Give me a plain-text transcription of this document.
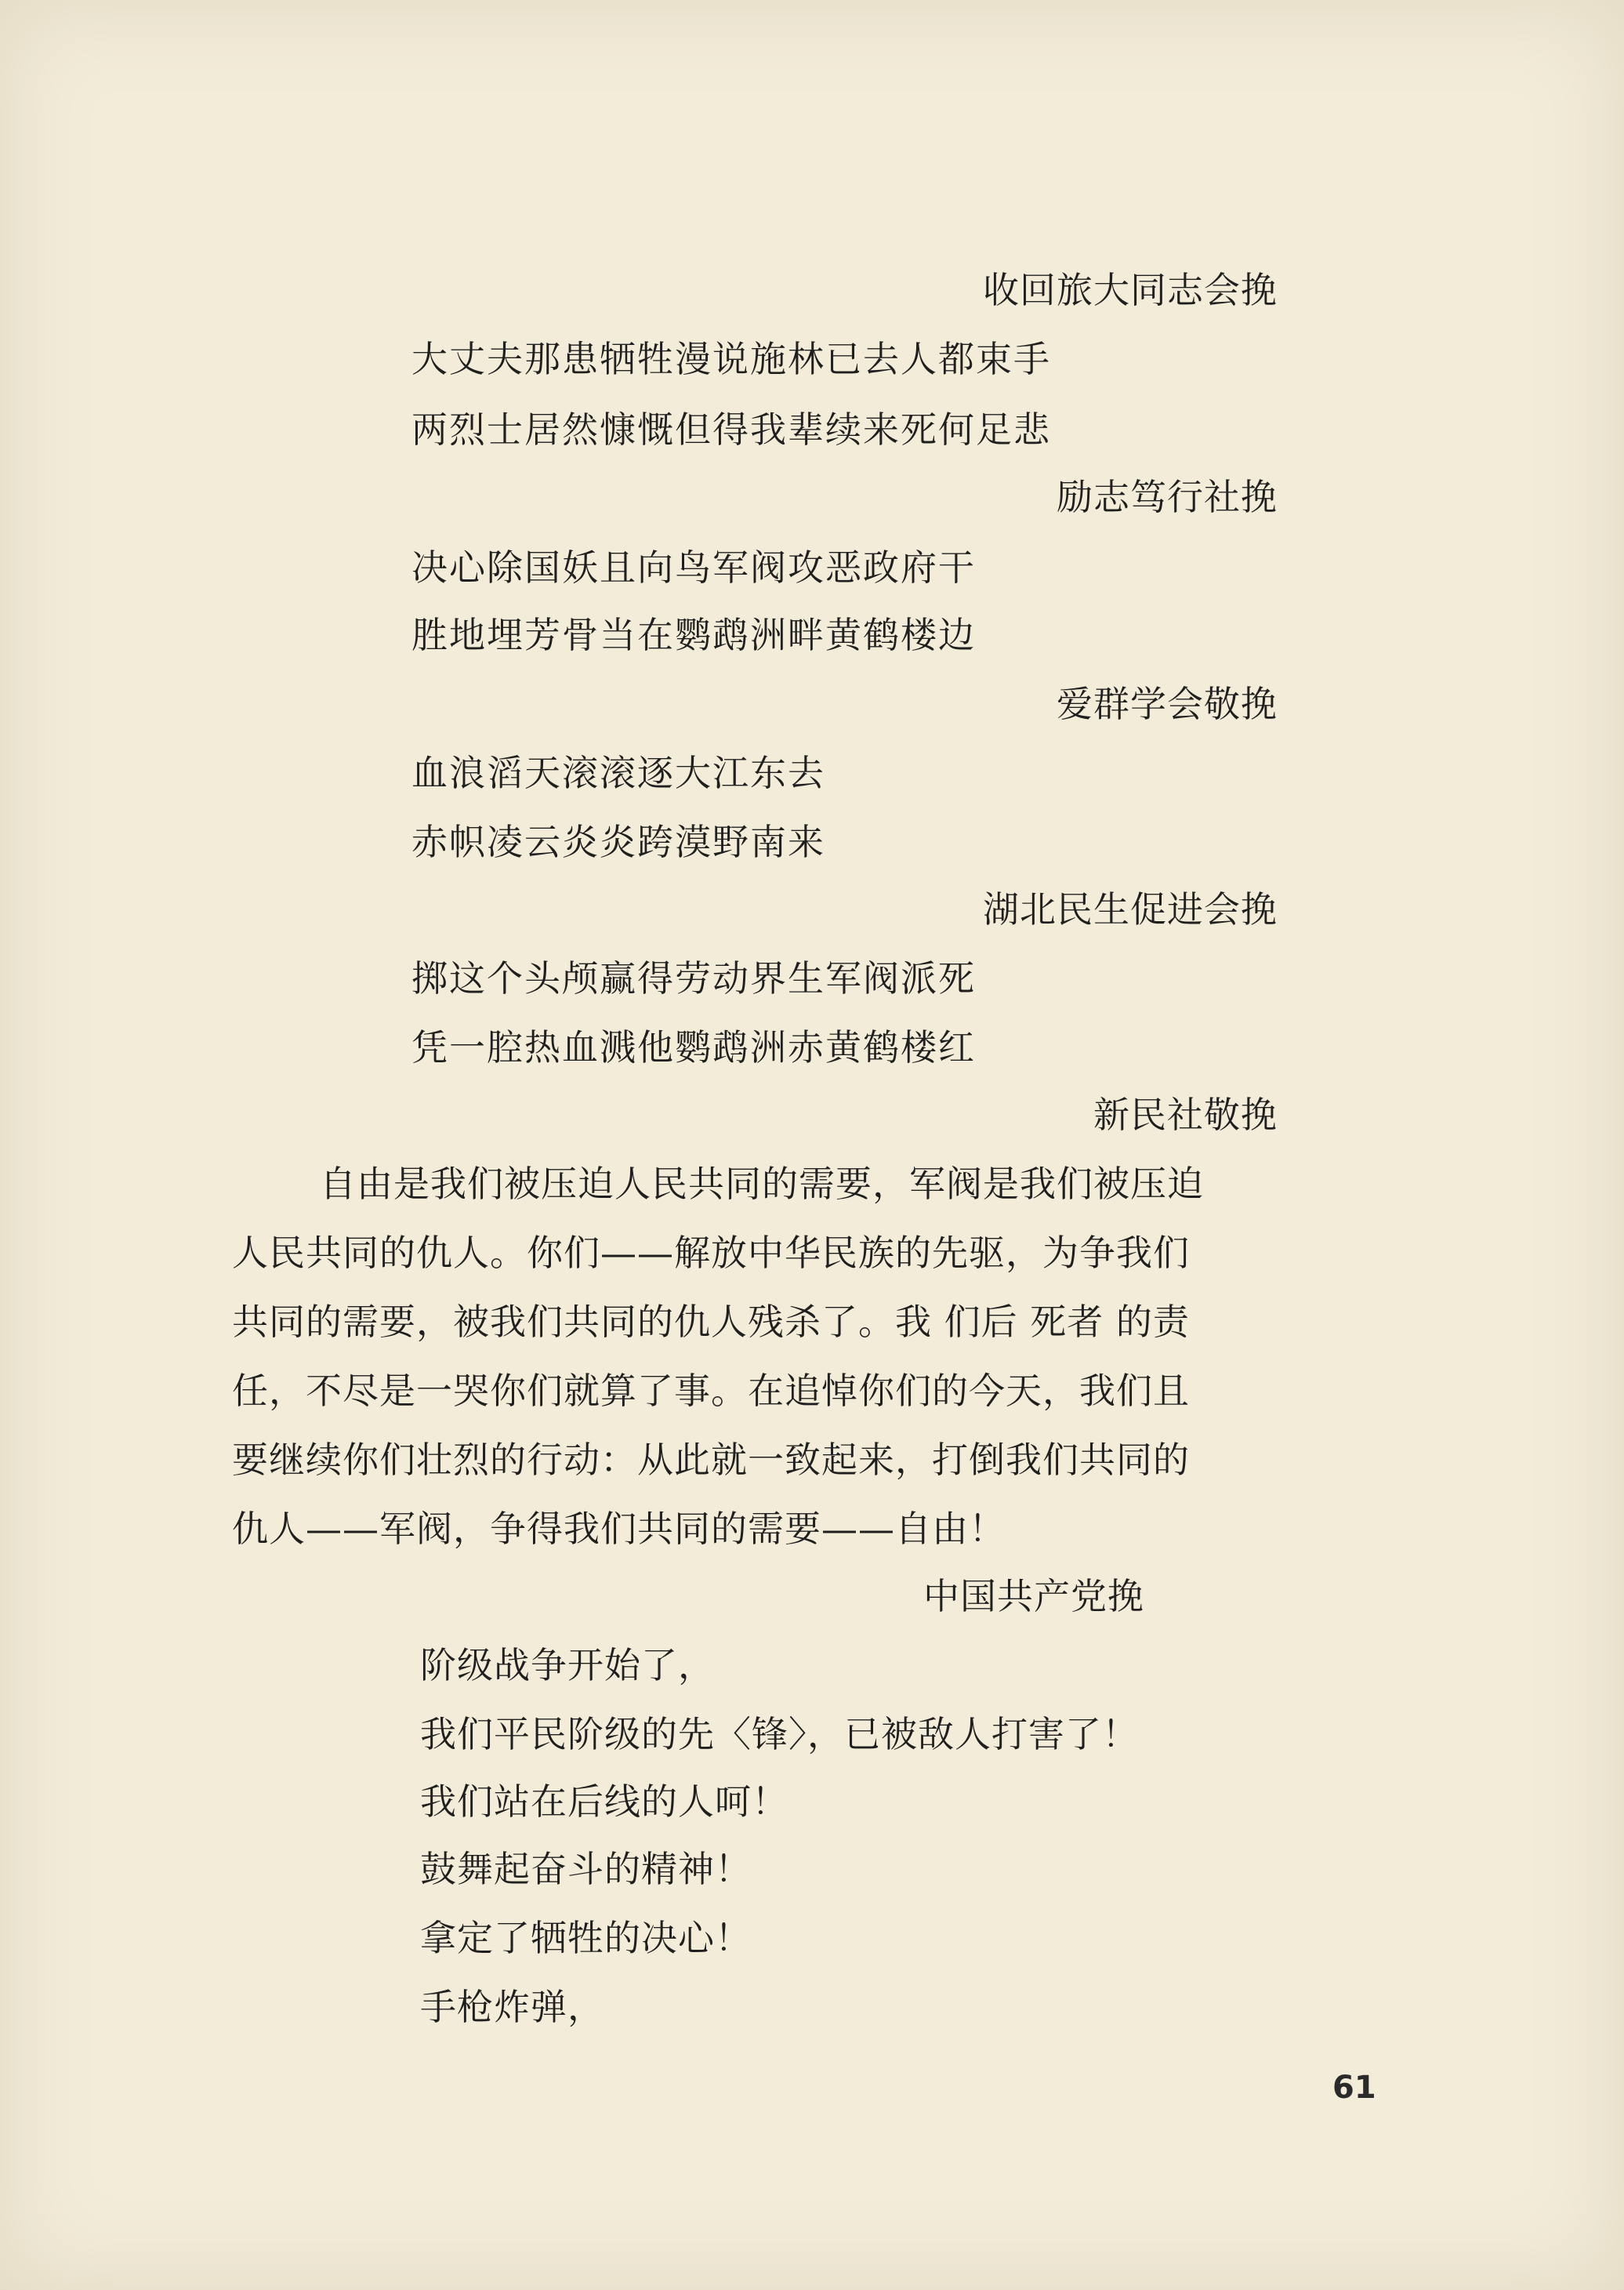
收回旅大同志会挽
大丈夫那患牺牲漫说施林已去人都束手
两烈士居然慷慨但得我辈续来死何足悲
励志笃行社挽
决心除国妖且向鸟军阀攻恶政府干
胜地埋芳骨当在鹦鹉洲畔黄鹤楼边
爱群学会敬挽
血浪滔天滚滚逐大江东去
赤帜凌云炎炎跨漠野南来
湖北民生促进会挽
掷这个头颅赢得劳动界生军阀派死
凭一腔热血溅他鹦鹉洲赤黄鹤楼红
新民社敬挽
自由是我们被压迫人民共同的需要，军阀是我们被压迫
人民共同的仇人。你们——解放中华民族的先驱，为争我们
共同的需要，被我们共同的仇人残杀了。我 们后 死者 的责
任，不尽是一哭你们就算了事。在追悼你们的今天，我们且
要继续你们壮烈的行动：从此就一致起来，打倒我们共同的
仇人——军阀，争得我们共同的需要——自由！
中国共产党挽
阶级战争开始了，
我们平民阶级的先〈锋〉，已被敌人打害了！
我们站在后线的人呵！
鼓舞起奋斗的精神！
拿定了牺牲的决心！
手枪炸弹，
61
